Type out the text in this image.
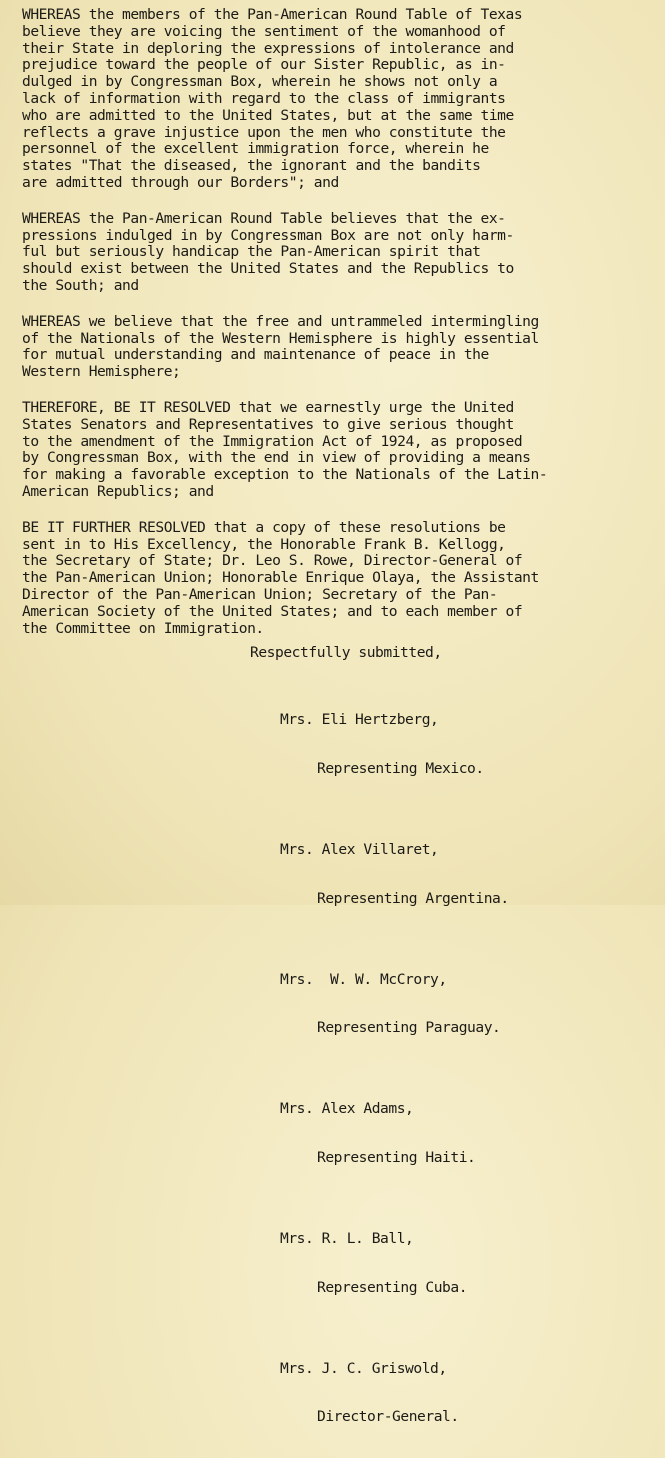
WHEREAS the members of the Pan-American Round Table of Texas
believe they are voicing the sentiment of the womanhood of
their State in deploring the expressions of intolerance and
prejudice toward the people of our Sister Republic, as in-
dulged in by Congressman Box, wherein he shows not only a
lack of information with regard to the class of immigrants
who are admitted to the United States, but at the same time
reflects a grave injustice upon the men who constitute the
personnel of the excellent immigration force, wherein he
states "That the diseased, the ignorant and the bandits
are admitted through our Borders"; and

WHEREAS the Pan-American Round Table believes that the ex-
pressions indulged in by Congressman Box are not only harm-
ful but seriously handicap the Pan-American spirit that
should exist between the United States and the Republics to
the South; and

WHEREAS we believe that the free and untrammeled intermingling
of the Nationals of the Western Hemisphere is highly essential
for mutual understanding and maintenance of peace in the
Western Hemisphere;

THEREFORE, BE IT RESOLVED that we earnestly urge the United
States Senators and Representatives to give serious thought
to the amendment of the Immigration Act of 1924, as proposed
by Congressman Box, with the end in view of providing a means
for making a favorable exception to the Nationals of the Latin-
American Republics; and

BE IT FURTHER RESOLVED that a copy of these resolutions be
sent in to His Excellency, the Honorable Frank B. Kellogg,
the Secretary of State; Dr. Leo S. Rowe, Director-General of
the Pan-American Union; Honorable Enrique Olaya, the Assistant
Director of the Pan-American Union; Secretary of the Pan-
American Society of the United States; and to each member of
the Committee on Immigration.

Respectfully submitted,

Mrs. Eli Hertzberg,

Representing Mexico.

Mrs. Alex Villaret,

Representing Argentina.

Mrs.  W. W. McCrory,

Representing Paraguay.

Mrs. Alex Adams,

Representing Haiti.

Mrs. R. L. Ball,

Representing Cuba.

Mrs. J. C. Griswold,

Director-General.
